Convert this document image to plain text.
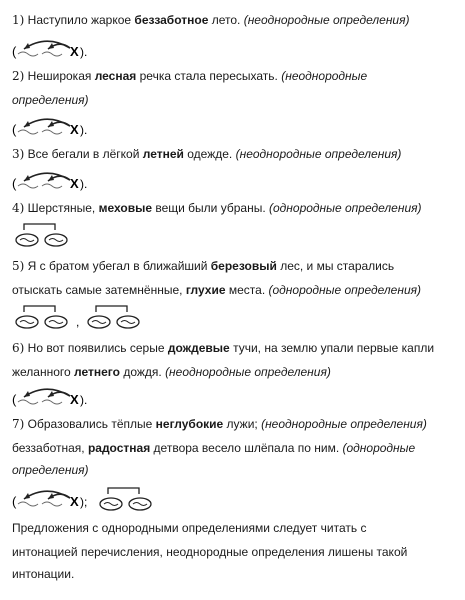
1) Наступило жаркое беззаботное лето. (неоднородные определения)
(	X ).
2) Неширокая лесная речка стала пересыхать. (неоднородные
определения)
(	X ).
3) Все бегали в лёгкой летней одежде. (неоднородные определения)
(	X ).
4) Шерстяные, меховые вещи были убраны. (однородные определения)
5) Я с братом убегал в ближайший березовый лес, и мы старались
отыскать самые затемнённые, глухие места. (однородные определения)
,
6) Но вот появились серые дождевые тучи, на землю упали первые капли
желанного летнего дождя. (неоднородные определения)
(	X ).
7) Образовались тёплые неглубокие лужи; (неоднородные определения)
беззаботная, радостная детвора весело шлёпала по ним. (однородные
определения)
(	X );
Предложения с однородными определениями следует читать с
интонацией перечисления, неоднородные определения лишены такой
интонации.
